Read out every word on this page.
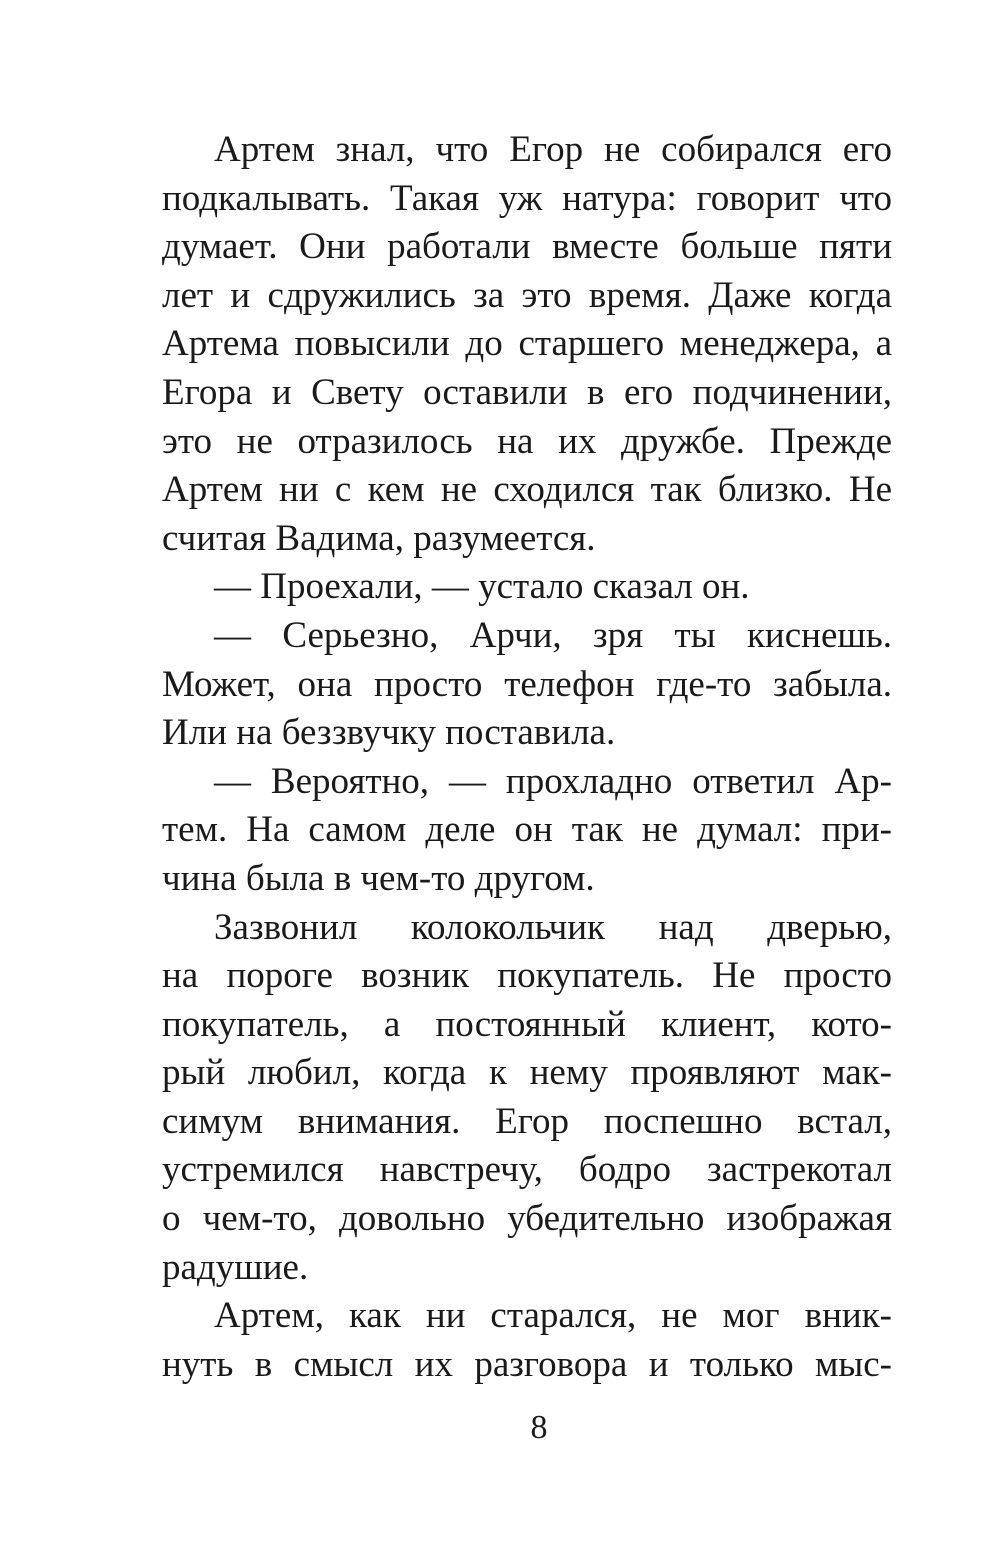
Артем знал, что Егор не собирался его
подкалывать. Такая уж натура: говорит что
думает. Они работали вместе больше пяти
лет и сдружились за это время. Даже когда
Артема повысили до старшего менеджера, а
Егора и Свету оставили в его подчинении,
это не отразилось на их дружбе. Прежде
Артем ни с кем не сходился так близко. Не
считая Вадима, разумеется.
— Проехали, — устало сказал он.
— Серьезно, Арчи, зря ты киснешь.
Может, она просто телефон где-то забыла.
Или на беззвучку поставила.
— Вероятно, — прохладно ответил Ар-
тем. На самом деле он так не думал: при-
чина была в чем-то другом.
Зазвонил колокольчик над дверью,
на пороге возник покупатель. Не просто
покупатель, а постоянный клиент, кото-
рый любил, когда к нему проявляют мак-
симум внимания. Егор поспешно встал,
устремился навстречу, бодро застрекотал
о чем-то, довольно убедительно изображая
радушие.
Артем, как ни старался, не мог вник-
нуть в смысл их разговора и только мыс-
8
